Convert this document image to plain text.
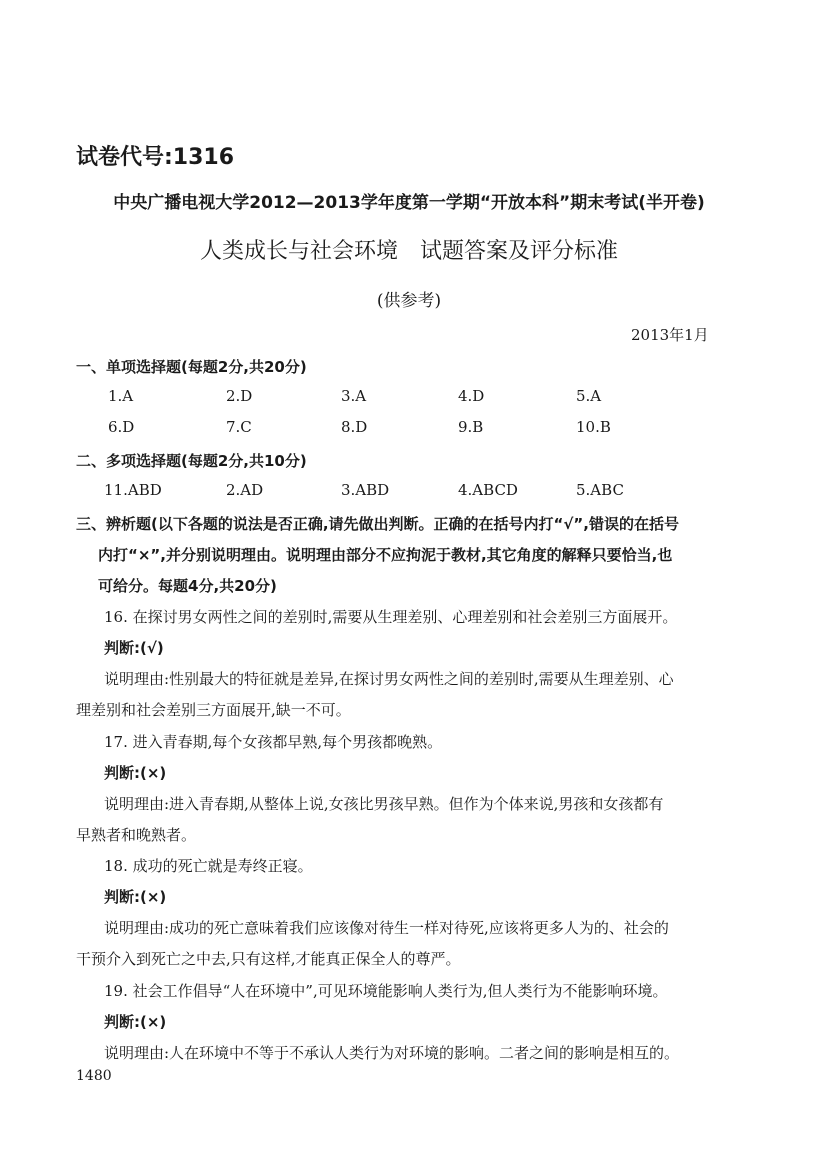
试卷代号:1316
中央广播电视大学2012—2013学年度第一学期“开放本科”期末考试(半开卷)
人类成长与社会环境　试题答案及评分标准
(供参考)
2013年1月
一、单项选择题(每题2分,共20分)
1.A	2.D	3.A	4.D	5.A
6.D	7.C	8.D	9.B	10.B
二、多项选择题(每题2分,共10分)
11.ABD	2.AD	3.ABD	4.ABCD	5.ABC
三、辨析题(以下各题的说法是否正确,请先做出判断。正确的在括号内打“√”,错误的在括号
内打“×”,并分别说明理由。说明理由部分不应拘泥于教材,其它角度的解释只要恰当,也
可给分。每题4分,共20分)
16. 在探讨男女两性之间的差别时,需要从生理差别、心理差别和社会差别三方面展开。
判断:(√)
说明理由:性别最大的特征就是差异,在探讨男女两性之间的差别时,需要从生理差别、心
理差别和社会差别三方面展开,缺一不可。
17. 进入青春期,每个女孩都早熟,每个男孩都晚熟。
判断:(×)
说明理由:进入青春期,从整体上说,女孩比男孩早熟。但作为个体来说,男孩和女孩都有
早熟者和晚熟者。
18. 成功的死亡就是寿终正寝。
判断:(×)
说明理由:成功的死亡意味着我们应该像对待生一样对待死,应该将更多人为的、社会的
干预介入到死亡之中去,只有这样,才能真正保全人的尊严。
19. 社会工作倡导“人在环境中”,可见环境能影响人类行为,但人类行为不能影响环境。
判断:(×)
说明理由:人在环境中不等于不承认人类行为对环境的影响。二者之间的影响是相互的。
1480
